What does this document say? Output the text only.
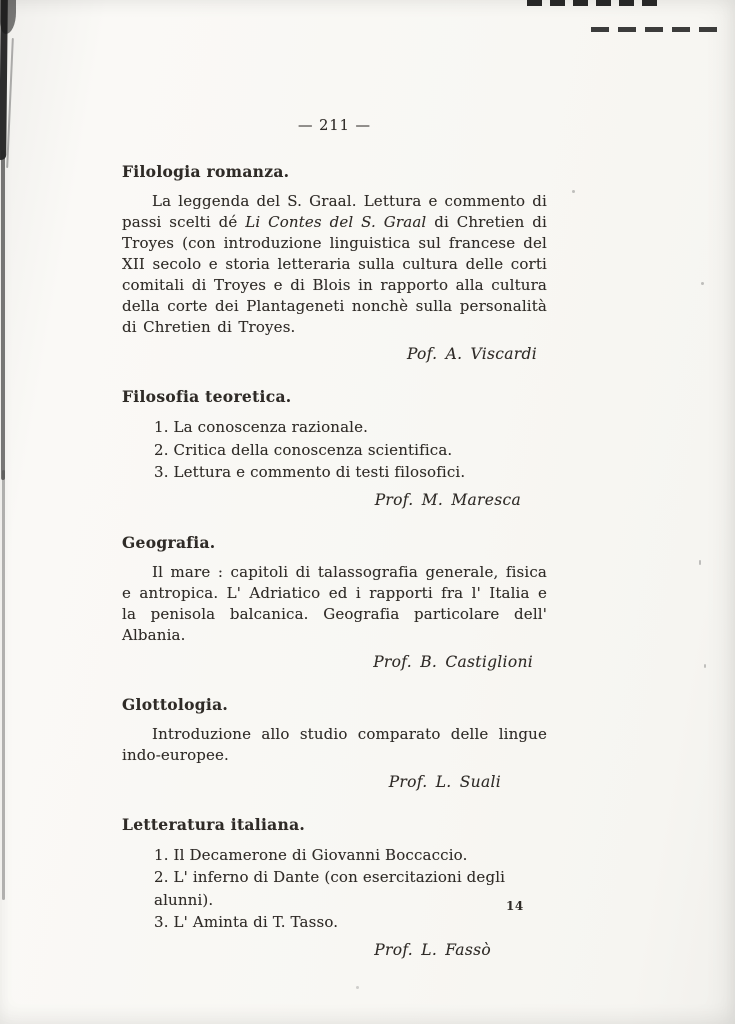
— 211 —
Filologia romanza.

La leggenda del S. Graal. Lettura e commento di passi scelti dé Li Contes del S. Graal di Chretien di Troyes (con introduzione linguistica sul francese del XII secolo e storia letteraria sulla cultura delle corti comitali di Troyes e di Blois in rapporto alla cultura della corte dei Plantageneti nonchè sulla personalità di Chretien di Troyes.

Pof. A. Viscardi
Filosofia teoretica.
1. La conoscenza razionale.
2. Critica della conoscenza scientifica.
3. Lettura e commento di testi filosofici.
Prof. M. Maresca
Geografia.

Il mare : capitoli di talassografia generale, fisica e antropica. L' Adriatico ed i rapporti fra l' Italia e la penisola balcanica. Geografia particolare dell' Albania.

Prof. B. Castiglioni
Glottologia.

Introduzione allo studio comparato delle lingue indo-europee.

Prof. L. Suali
Letteratura italiana.
1. Il Decamerone di Giovanni Boccaccio.
2. L' inferno di Dante (con esercitazioni degli alunni).
3. L' Aminta di T. Tasso.
Prof. L. Fassò
14
